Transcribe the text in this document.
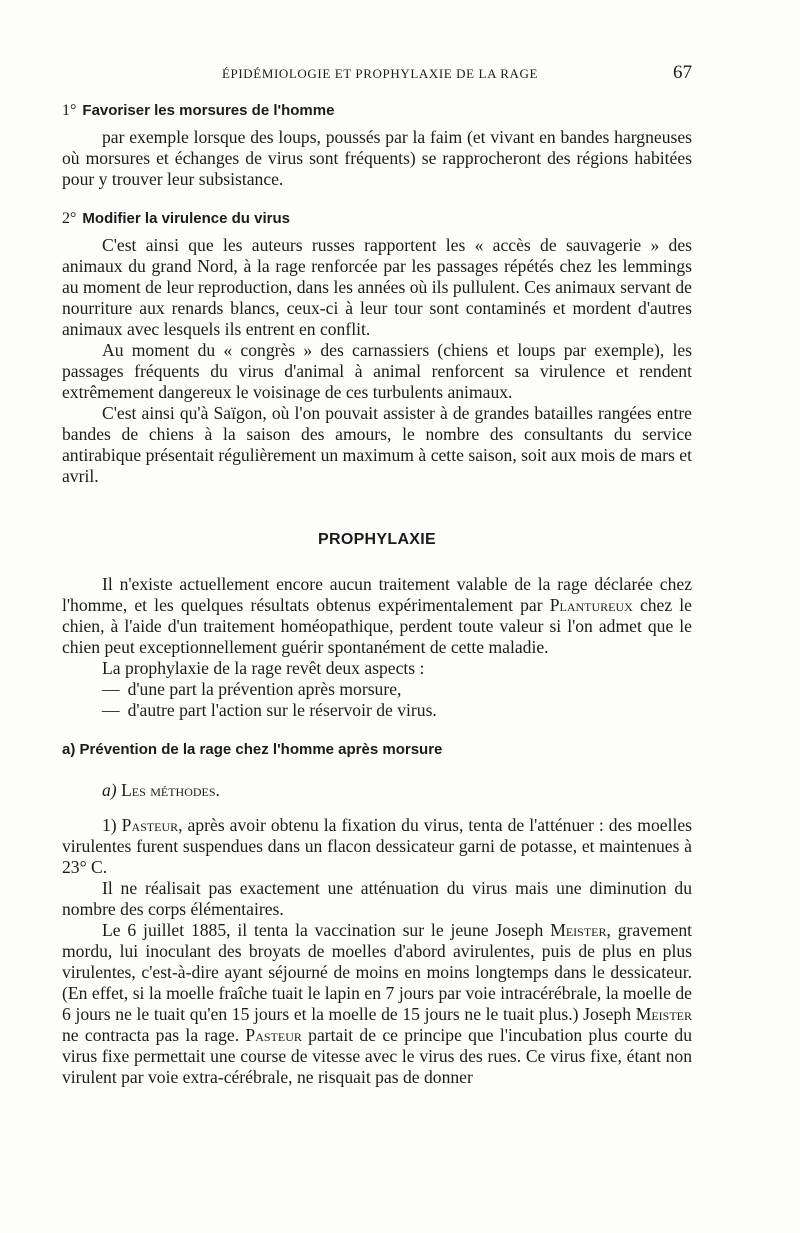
ÉPIDÉMIOLOGIE ET PROPHYLAXIE DE LA RAGE	67
1° Favoriser les morsures de l'homme

par exemple lorsque des loups, poussés par la faim (et vivant en bandes hargneuses où morsures et échanges de virus sont fréquents) se rapprocheront des régions habitées pour y trouver leur subsistance.

2° Modifier la virulence du virus

C'est ainsi que les auteurs russes rapportent les « accès de sauvagerie » des animaux du grand Nord, à la rage renforcée par les passages répétés chez les lemmings au moment de leur reproduction, dans les années où ils pullulent. Ces animaux servant de nourriture aux renards blancs, ceux-ci à leur tour sont contaminés et mordent d'autres animaux avec lesquels ils entrent en conflit.

Au moment du « congrès » des carnassiers (chiens et loups par exemple), les passages fréquents du virus d'animal à animal renforcent sa virulence et rendent extrêmement dangereux le voisinage de ces turbulents animaux.

C'est ainsi qu'à Saïgon, où l'on pouvait assister à de grandes batailles rangées entre bandes de chiens à la saison des amours, le nombre des consultants du service antirabique présentait régulièrement un maximum à cette saison, soit aux mois de mars et avril.

PROPHYLAXIE

Il n'existe actuellement encore aucun traitement valable de la rage déclarée chez l'homme, et les quelques résultats obtenus expérimentalement par Plantureux chez le chien, à l'aide d'un traitement homéopathique, perdent toute valeur si l'on admet que le chien peut exceptionnellement guérir spontanément de cette maladie.

La prophylaxie de la rage revêt deux aspects :

— d'une part la prévention après morsure,

— d'autre part l'action sur le réservoir de virus.

a) Prévention de la rage chez l'homme après morsure

a) Les méthodes.

1) Pasteur, après avoir obtenu la fixation du virus, tenta de l'atténuer : des moelles virulentes furent suspendues dans un flacon dessicateur garni de potasse, et maintenues à 23° C.

Il ne réalisait pas exactement une atténuation du virus mais une diminution du nombre des corps élémentaires.

Le 6 juillet 1885, il tenta la vaccination sur le jeune Joseph Meister, gravement mordu, lui inoculant des broyats de moelles d'abord avirulentes, puis de plus en plus virulentes, c'est-à-dire ayant séjourné de moins en moins longtemps dans le dessicateur. (En effet, si la moelle fraîche tuait le lapin en 7 jours par voie intracérébrale, la moelle de 6 jours ne le tuait qu'en 15 jours et la moelle de 15 jours ne le tuait plus.) Joseph Meister ne contracta pas la rage. Pasteur partait de ce principe que l'incubation plus courte du virus fixe permettait une course de vitesse avec le virus des rues. Ce virus fixe, étant non virulent par voie extra-cérébrale, ne risquait pas de donner
